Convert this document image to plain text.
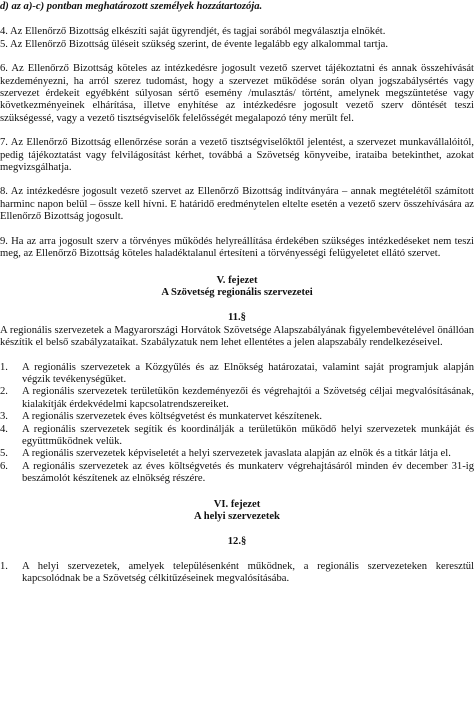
d) az a)-c) pontban meghatározott személyek hozzátartozója.

4. Az Ellenőrző Bizottság elkészíti saját ügyrendjét, és tagjai sorából megválasztja elnökét.

5. Az Ellenőrző Bizottság üléseit szükség szerint, de évente legalább egy alkalommal tartja.

6. Az Ellenőrző Bizottság köteles az intézkedésre jogosult vezető szervet tájékoztatni és annak összehívását kezdeményezni, ha arról szerez tudomást, hogy a szervezet működése során olyan jogszabálysértés vagy szervezet érdekeit egyébként súlyosan sértő esemény /mulasztás/ történt, amelynek megszüntetése vagy következményeinek elhárítása, illetve enyhítése az intézkedésre jogosult vezető szerv döntését teszi szükségessé, vagy a vezető tisztségviselők felelősségét megalapozó tény merült fel.

7. Az Ellenőrző Bizottság ellenőrzése során a vezető tisztségviselőktől jelentést, a szervezet munkavállalóitól, pedig tájékoztatást vagy felvilágosítást kérhet, továbbá a Szövetség könyveibe, irataiba betekinthet, azokat megvizsgálhatja.

8. Az intézkedésre jogosult vezető szervet az Ellenőrző Bizottság indítványára – annak megtételétől számított harminc napon belül – össze kell hívni. E határidő eredménytelen eltelte esetén a vezető szerv összehívására az Ellenőrző Bizottság jogosult.

9. Ha az arra jogosult szerv a törvényes működés helyreállítása érdekében szükséges intézkedéseket nem teszi meg, az Ellenőrző Bizottság köteles haladéktalanul értesíteni a törvényességi felügyeletet ellátó szervet.

V. fejezet

A Szövetség regionális szervezetei

11.§

A regionális szervezetek a Magyarországi Horvátok Szövetsége Alapszabályának figyelembevételével önállóan készítik el belső szabályzataikat. Szabályzatuk nem lehet ellentétes a jelen alapszabály rendelkezéseivel.

1.	A regionális szervezetek a Közgyűlés és az Elnökség határozatai, valamint saját programjuk alapján végzik tevékenységüket.
2.	A regionális szervezetek területükön kezdeményezői és végrehajtói a Szövetség céljai megvalósításának, kialakítják érdekvédelmi kapcsolatrendszereiket.
3.	A regionális szervezetek éves költségvetést és munkatervet készítenek.
4.	A regionális szervezetek segítik és koordinálják a területükön működő helyi szervezetek munkáját és együttműködnek velük.
5.	A regionális szervezetek képviseletét a helyi szervezetek javaslata alapján az elnök és a titkár látja el.
6.	A regionális szervezetek az éves költségvetés és munkaterv végrehajtásáról minden év december 31-ig beszámolót készítenek az elnökség részére.

VI. fejezet

A helyi szervezetek

12.§

1.	A helyi szervezetek, amelyek településenként működnek, a regionális szervezeteken keresztül kapcsolódnak be a Szövetség célkitűzéseinek megvalósításába.
